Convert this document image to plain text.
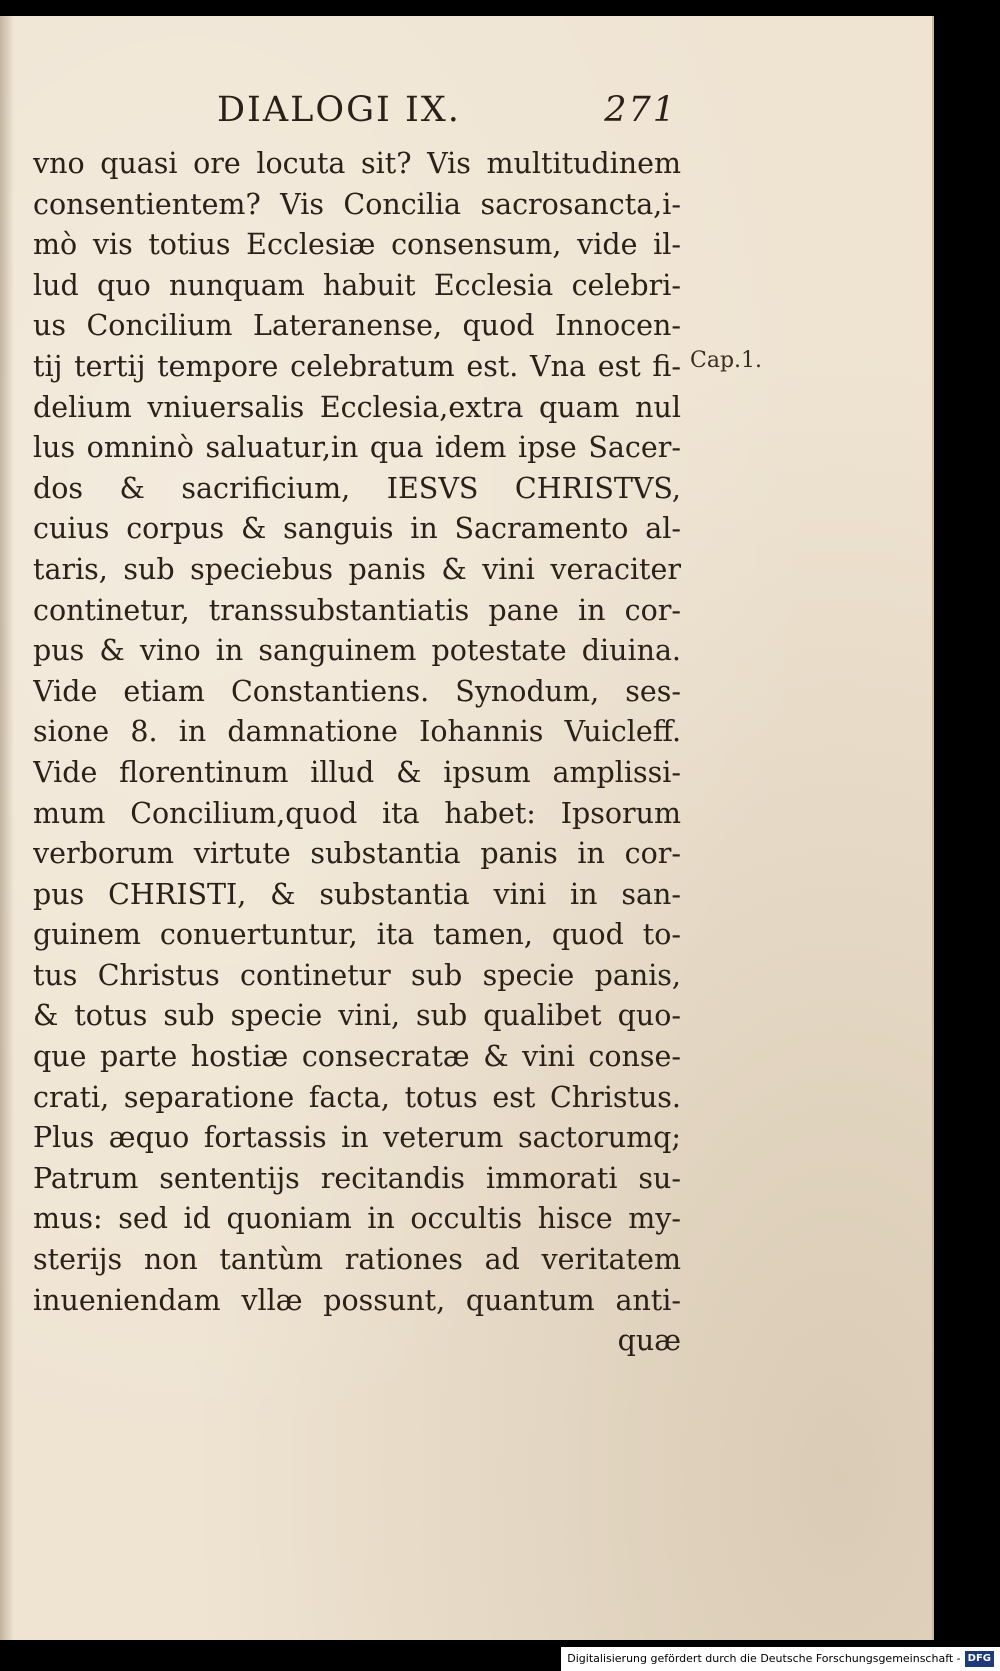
DIALOGI IX.	271
vno quasi ore locuta sit? Vis multitudinem
consentientem? Vis Concilia sacrosancta,i-
mò vis totius Ecclesiæ consensum, vide il-
lud quo nunquam habuit Ecclesia celebri-
us Concilium Lateranense, quod Innocen-
tij tertij tempore celebratum est. Vna est fi-
delium vniuersalis Ecclesia,extra quam nul
lus omninò saluatur,in qua idem ipse Sacer-
dos & sacrificium, IESVS CHRISTVS,
cuius corpus & sanguis in Sacramento al-
taris, sub speciebus panis & vini veraciter
continetur, transsubstantiatis pane in cor-
pus & vino in sanguinem potestate diuina.
Vide etiam Constantiens. Synodum, ses-
sione 8. in damnatione Iohannis Vuicleff.
Vide florentinum illud & ipsum amplissi-
mum Concilium,quod ita habet: Ipsorum
verborum virtute substantia panis in cor-
pus CHRISTI, & substantia vini in san-
guinem conuertuntur, ita tamen, quod to-
tus Christus continetur sub specie panis,
& totus sub specie vini, sub qualibet quo-
que parte hostiæ consecratæ & vini conse-
crati, separatione facta, totus est Christus.
Plus æquo fortassis in veterum sactorumq;
Patrum sententijs recitandis immorati su-
mus: sed id quoniam in occultis hisce my-
sterijs non tantùm rationes ad veritatem
inueniendam vllæ possunt, quantum anti-
quæ
Cap.1.
Digitalisierung gefördert durch die Deutsche Forschungsgemeinschaft - DFG
